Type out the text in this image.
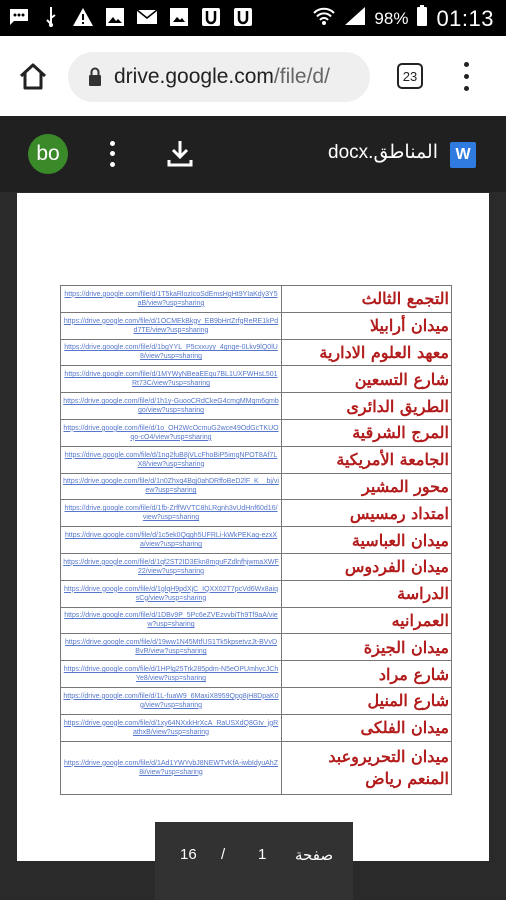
98% 01:13
drive.google.com/file/d/	23
bo	المناطق.docx W
https://drive.google.com/file/d/1T5kaRlozIcoSdEmsHgHt9YIaKdy3Y5aB/view?usp=sharing	التجمع الثالث
https://drive.google.com/file/d/1OCMEkBkgv_EB9bHrtZrfgReRE1kPdd7TE/view?usp=sharing	ميدان أرابيلا
https://drive.google.com/file/d/1bgYYL_P5cxxuyy_4gnge-0Lkv9lQ0lU8/view?usp=sharing	معهد العلوم الادارية
https://drive.google.com/file/d/1MYWyNBeaEEqu7BL1UXFWHsL501Rt73C/view?usp=sharing	شارع التسعين
https://drive.google.com/file/d/1h1y-GuooCRdCkeG4cmgMMqm6gmbgo/view?usp=sharing	الطريق الدائرى
https://drive.google.com/file/d/1o_OH2WcOcmuG2wce49OdGcTKUOqo-cO4/view?usp=sharing	المرج الشرقية
https://drive.google.com/file/d/1nq2fuB8jVLcFhoBiP5imgNPOT8Af7LX8/view?usp=sharing	الجامعة الأمريكية
https://drive.google.com/file/d/1n0Zhxq4Bqj0ahDRffoBeD2lF_K__bj/view?usp=sharing	محور المشير
https://drive.google.com/file/d/1fb-ZrffWVTC8hLRgnh3vUdHnf60d16/view?usp=sharing	امتداد رمسيس
https://drive.google.com/file/d/1c5ek0Qqgh5UFRLi-kWkPEKag-ezxXa/view?usp=sharing	ميدان العباسية
https://drive.google.com/file/d/1qf2ST2ID3Ekn8mguFZdlnfhjwmaXWF22/view?usp=sharing	ميدان الفردوس
https://drive.google.com/file/d/1glqH9pdXjC_IQXX02T7pcVd6Wx8aiqsCg/view?usp=sharing	الدراسة
https://drive.google.com/file/d/1DBv9P_5Pc6eZVEzvvbiTh9Tf9aA/view?usp=sharing	العمرانيه
https://drive.google.com/file/d/19ww1N45MtfUS1Tk5kpsetvzJt-BVvDBvR/view?usp=sharing	ميدان الجيزة
https://drive.google.com/file/d/1HPlg25Trk285pdm-N5eOPUmhycJChYe8/view?usp=sharing	شارع مراد
https://drive.google.com/file/d/1L-fuaW9_6MaxiX8959Qpg8jH8DpaK0g/view?usp=sharing	شارع المنيل
https://drive.google.com/file/d/1xy64NXxkHrXcA_RaUSXdQ8Gtv_jgRathxB/view?usp=sharing	ميدان الفلكى
https://drive.google.com/file/d/1Ad1YWYvbJ8NEWTvKfA-iwbIdyuAhZ8i/view?usp=sharing	ميدان التحريروعبد المنعم رياض
16 / 1 صفحة
